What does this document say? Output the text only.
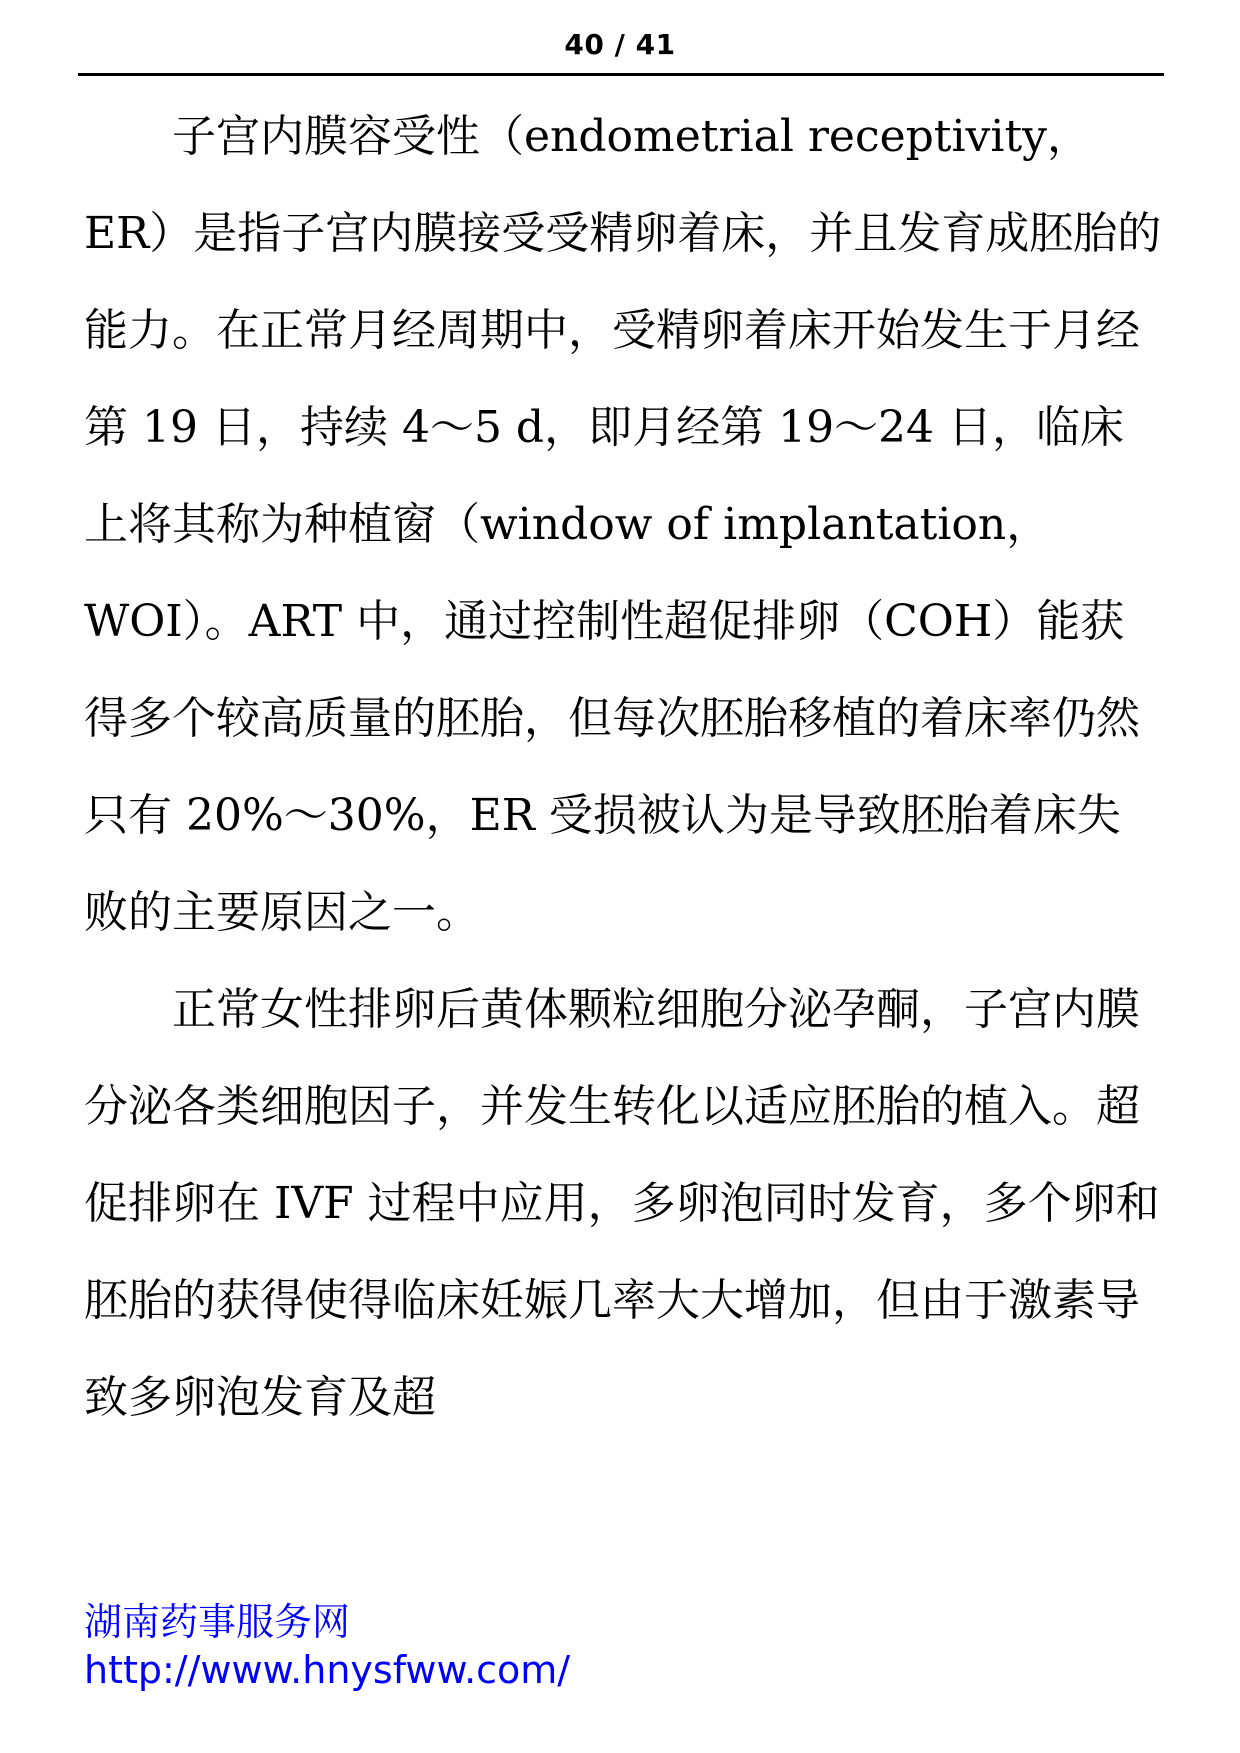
40 / 41

子宫内膜容受性（endometrial receptivity，ER）是指子宫内膜接受受精卵着床，并且发育成胚胎的能力。在正常月经周期中，受精卵着床开始发生于月经第 19 日，持续 4～5 d，即月经第 19～24 日，临床上将其称为种植窗（window of implantation，WOI）。ART 中，通过控制性超促排卵（COH）能获得多个较高质量的胚胎，但每次胚胎移植的着床率仍然只有 20%～30%，ER 受损被认为是导致胚胎着床失败的主要原因之一。

正常女性排卵后黄体颗粒细胞分泌孕酮，子宫内膜分泌各类细胞因子，并发生转化以适应胚胎的植入。超促排卵在 IVF 过程中应用，多卵泡同时发育，多个卵和胚胎的获得使得临床妊娠几率大大增加，但由于激素导致多卵泡发育及超

湖南药事服务网
http://www.hnysfww.com/
